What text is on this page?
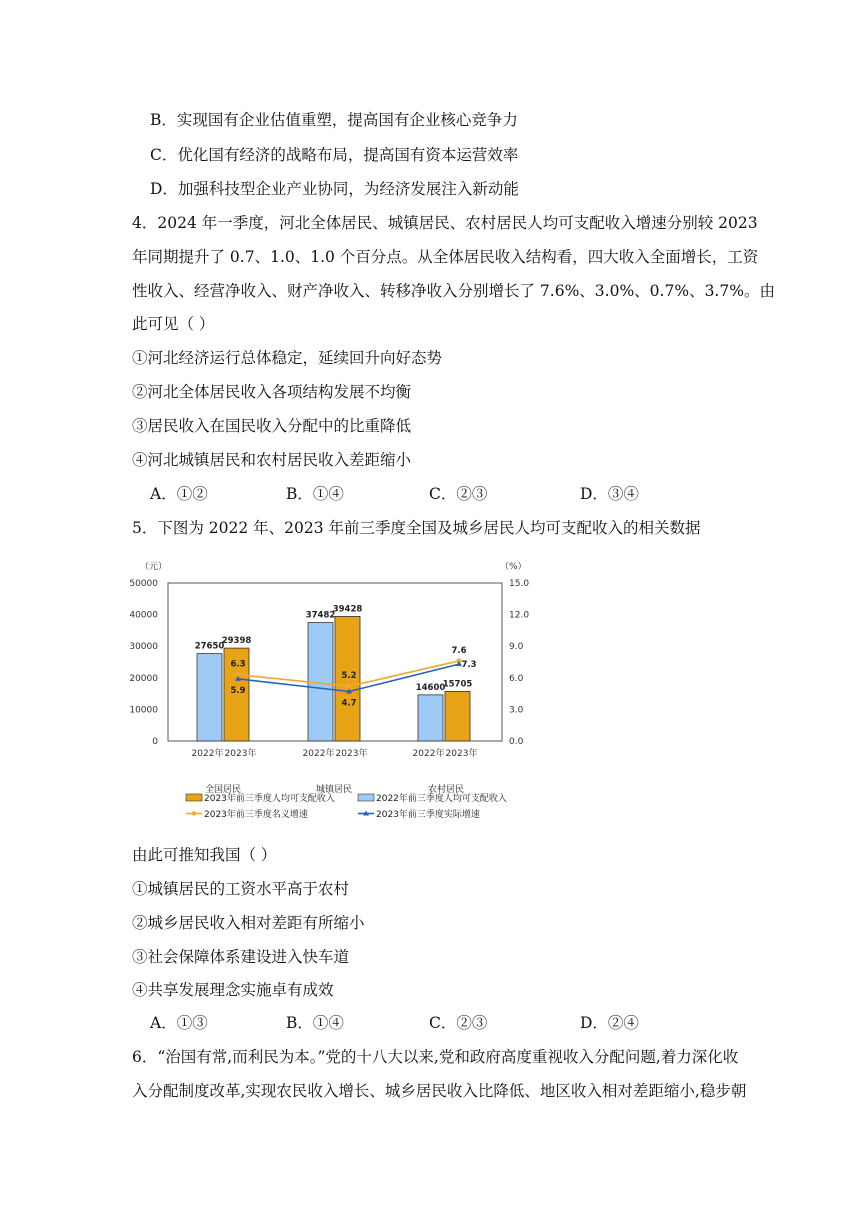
B．实现国有企业估值重塑，提高国有企业核心竞争力
C．优化国有经济的战略布局，提高国有资本运营效率
D．加强科技型企业产业协同，为经济发展注入新动能
4．2024 年一季度，河北全体居民、城镇居民、农村居民人均可支配收入增速分别较 2023
年同期提升了 0.7、1.0、1.0 个百分点。从全体居民收入结构看，四大收入全面增长，工资
性收入、经营净收入、财产净收入、转移净收入分别增长了 7.6%、3.0%、0.7%、3.7%。由
此可见（ ）
①河北经济运行总体稳定，延续回升向好态势
②河北全体居民收入各项结构发展不均衡
③居民收入在国民收入分配中的比重降低
④河北城镇居民和农村居民收入差距缩小
A．①②	B．①④	C．②③	D．③④
5．下图为 2022 年、2023 年前三季度全国及城乡居民人均可支配收入的相关数据
（元）	（%）
0
10000
20000
30000
40000
50000
0.0
3.0
6.0
9.0
12.0
15.0
27650
29398
2022年 2023年
37482
39428
2022年 2023年
14600
15705
2022年 2023年
6.3
5.2
7.6
5.9
4.7
7.3
全国居民	城镇居民	农村居民
2023年前三季度人均可支配收入	2022年前三季度人均可支配收入
2023年前三季度名义增速	2023年前三季度实际增速
由此可推知我国（ ）
①城镇居民的工资水平高于农村
②城乡居民收入相对差距有所缩小
③社会保障体系建设进入快车道
④共享发展理念实施卓有成效
A．①③	B．①④	C．②③	D．②④
6．“治国有常,而利民为本。”党的十八大以来,党和政府高度重视收入分配问题,着力深化收
入分配制度改革,实现农民收入增长、城乡居民收入比降低、地区收入相对差距缩小,稳步朝
